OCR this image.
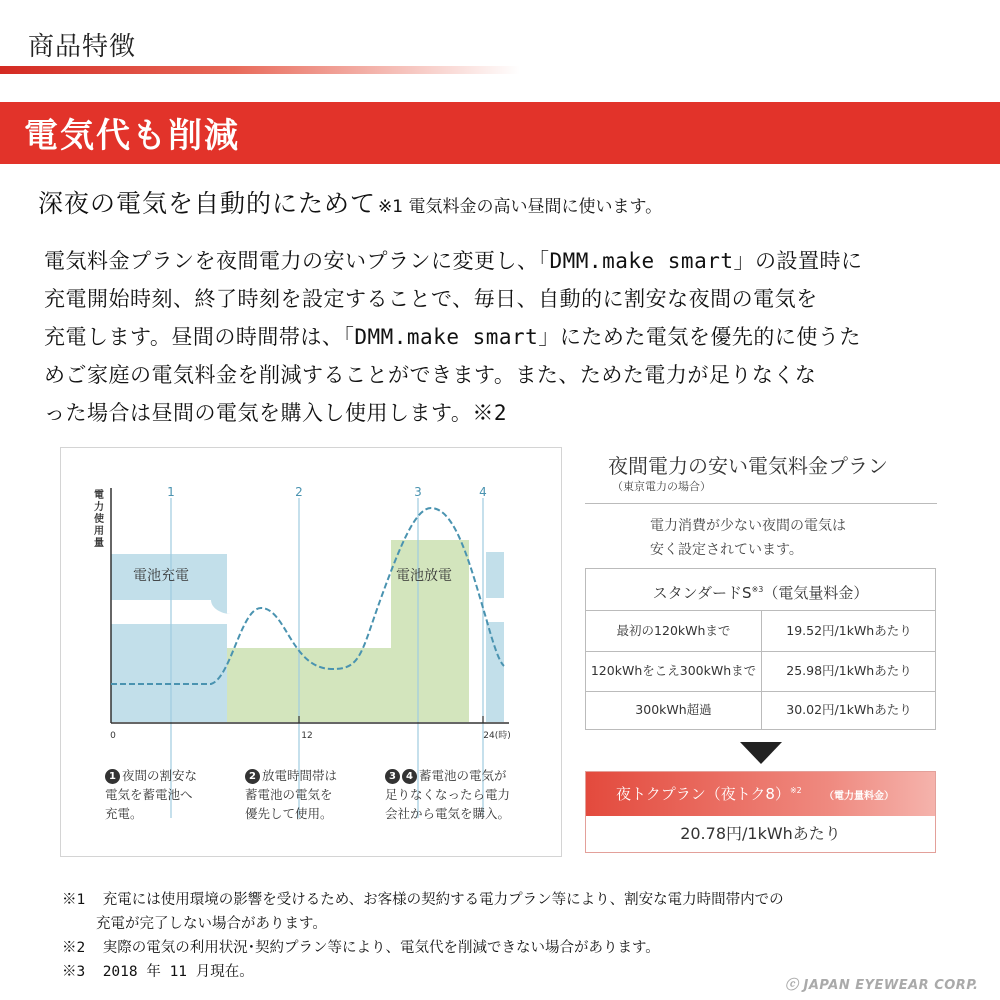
商品特徴
電気代も削減
深夜の電気を自動的にためて ※1 電気料金の高い昼間に使います。
電気料金プランを夜間電力の安いプランに変更し、「DMM.make smart」の設置時に
充電開始時刻、終了時刻を設定することで、毎日、自動的に割安な夜間の電気を
充電します。昼間の時間帯は、「DMM.make smart」にためた電気を優先的に使うた
めご家庭の電気料金を削減することができます。また、ためた電力が足りなくな
った場合は昼間の電気を購入し使用します。※2
電 力 使 用 量
1	2	3	4
電池充電	電池放電
0	12	24(時)
1 夜間の割安な
電気を蓄電池へ
充電。
2 放電時間帯は
蓄電池の電気を
優先して使用。
3 4 蓄電池の電気が
足りなくなったら電力
会社から電気を購入。
夜間電力の安い電気料金プラン
（東京電力の場合）
電力消費が少ない夜間の電気は
安く設定されています。
スタンダード$S^{※3}$（電気量料金）
最初の120kWhまで	19.52円/1kWhあたり
120kWhをこえ300kWhまで	25.98円/1kWhあたり
300kWh超過	30.02円/1kWhあたり
夜トクプラン（夜トク8）$^{※2}$
（電力量料金）
20.78円/1kWhあたり
※1 充電には使用環境の影響を受けるため、お客様の契約する電力プラン等により、割安な電力時間帯内での
充電が完了しない場合があります。
※2 実際の電気の利用状況･契約プラン等により、電気代を削減できない場合があります。
※3 2018 年 11 月現在。
ⓒ JAPAN EYEWEAR CORP.
